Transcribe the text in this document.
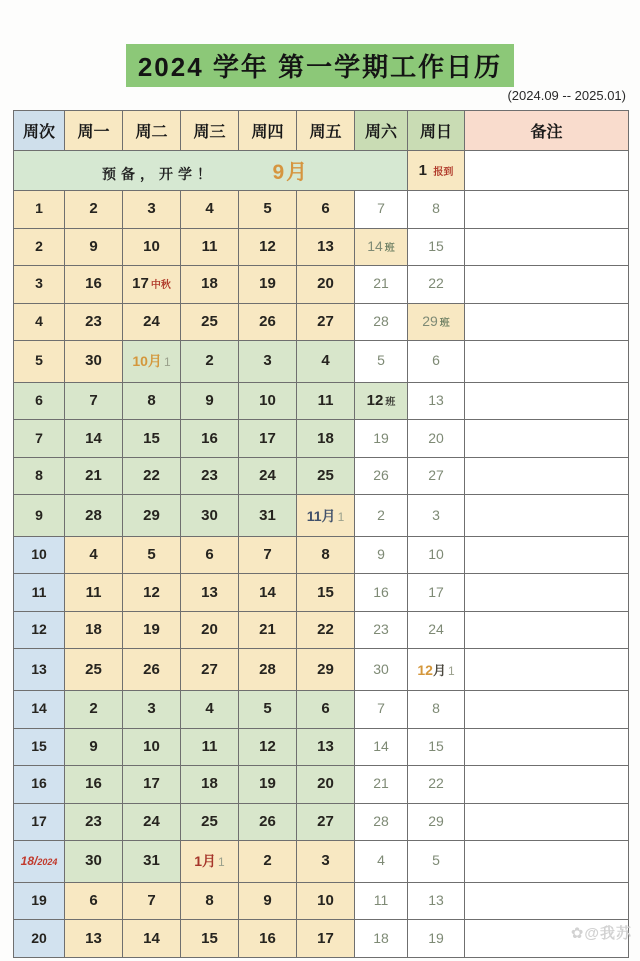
2024 学年 第一学期工作日历
(2024.09 -- 2025.01)
周次	周一	周二	周三	周四	周五	周六	周日	备注
预备，开学！ 9月							1 报到	
1	2	3	4	5	6	7	8	
2	9	10	11	12	13	14 班	15	
3	16	17 中秋	18	19	20	21	22	
4	23	24	25	26	27	28	29 班	
5	30	10月 1	2	3	4	5	6	
6	7	8	9	10	11	12 班	13	
7	14	15	16	17	18	19	20	
8	21	22	23	24	25	26	27	
9	28	29	30	31	11月 1	2	3	
10	4	5	6	7	8	9	10	
11	11	12	13	14	15	16	17	
12	18	19	20	21	22	23	24	
13	25	26	27	28	29	30	12月 1	
14	2	3	4	5	6	7	8	
15	9	10	11	12	13	14	15	
16	16	17	18	19	20	21	22	
17	23	24	25	26	27	28	29	
18/2024	30	31	1月 1	2	3	4	5	
19	6	7	8	9	10	11	13	
20	13	14	15	16	17	18	19		✿@我苏
